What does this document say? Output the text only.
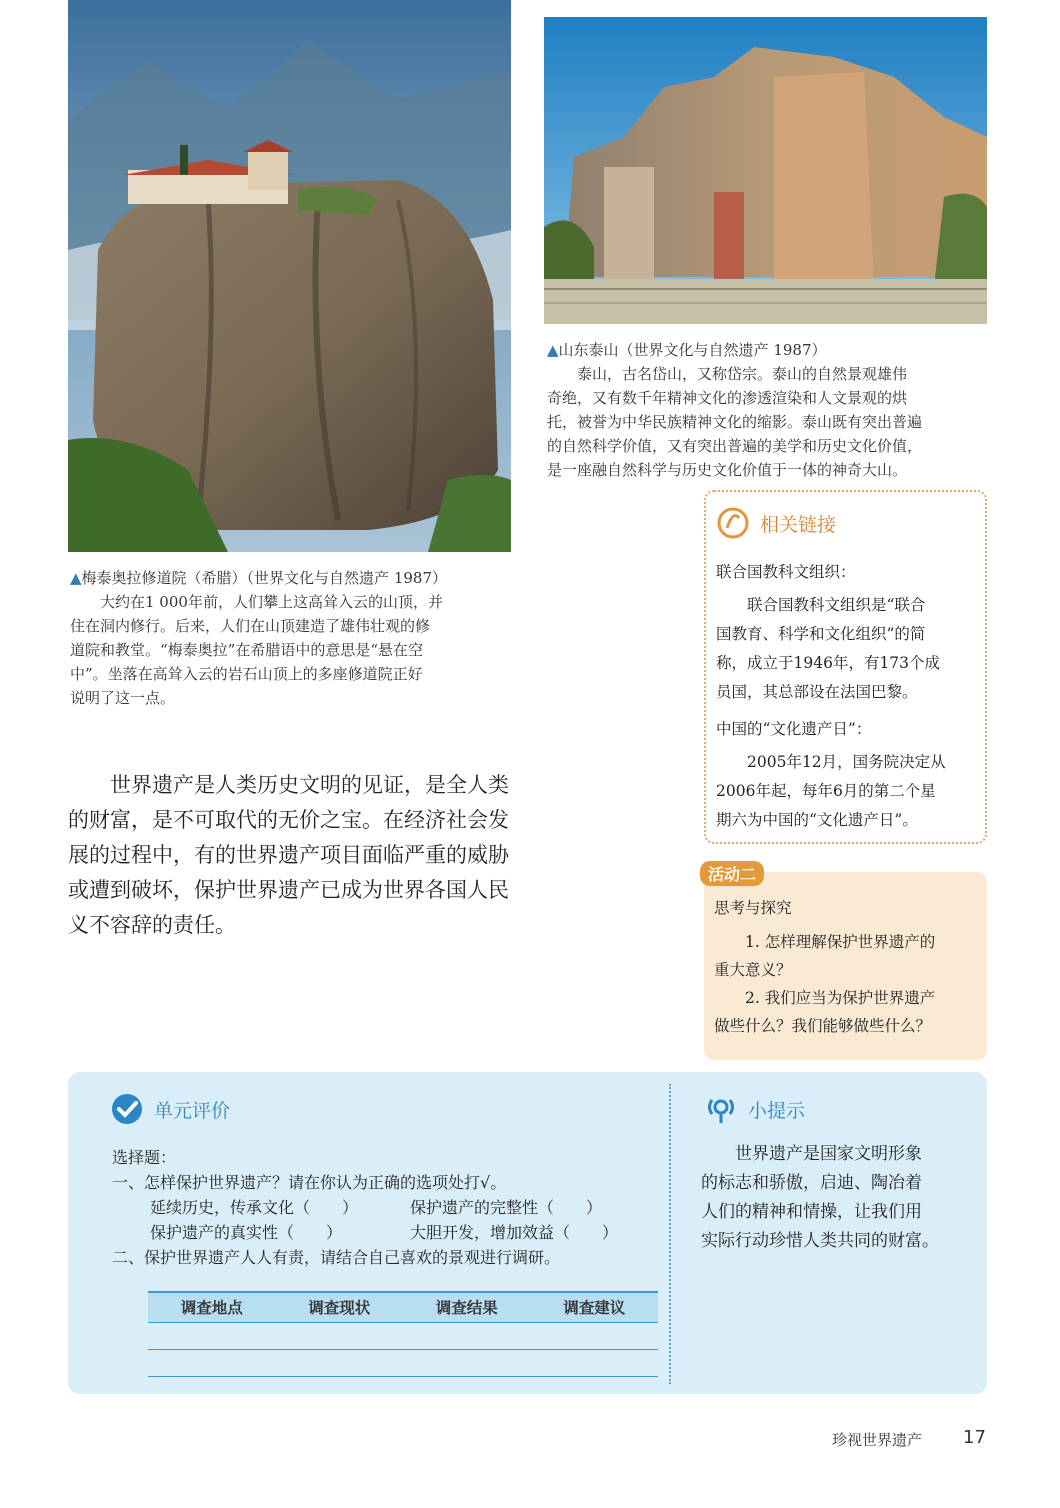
▲山东泰山（世界文化与自然遗产 1987）
泰山，古名岱山，又称岱宗。泰山的自然景观雄伟
奇绝，又有数千年精神文化的渗透渲染和人文景观的烘
托，被誉为中华民族精神文化的缩影。泰山既有突出普遍
的自然科学价值，又有突出普遍的美学和历史文化价值，
是一座融自然科学与历史文化价值于一体的神奇大山。
▲梅泰奥拉修道院（希腊）（世界文化与自然遗产 1987）
大约在1 000年前，人们攀上这高耸入云的山顶，并
住在洞内修行。后来，人们在山顶建造了雄伟壮观的修
道院和教堂。“梅泰奥拉”在希腊语中的意思是“悬在空
中”。坐落在高耸入云的岩石山顶上的多座修道院正好
说明了这一点。
世界遗产是人类历史文明的见证，是全人类
的财富，是不可取代的无价之宝。在经济社会发
展的过程中，有的世界遗产项目面临严重的威胁
或遭到破坏，保护世界遗产已成为世界各国人民
义不容辞的责任。
相关链接
联合国教科文组织：
联合国教科文组织是“联合
国教育、科学和文化组织”的简
称，成立于1946年，有173个成
员国，其总部设在法国巴黎。
中国的“文化遗产日”：
2005年12月，国务院决定从
2006年起，每年6月的第二个星
期六为中国的“文化遗产日”。
思考与探究
1. 怎样理解保护世界遗产的
重大意义？
2. 我们应当为保护世界遗产
做些什么？我们能够做些什么？
活动二
单元评价
选择题：
一、怎样保护世界遗产？请在你认为正确的选项处打√。
延续历史，传承文化（　　）	保护遗产的完整性（　　）
保护遗产的真实性（　　）	大胆开发，增加效益（　　）
二、保护世界遗产人人有责，请结合自己喜欢的景观进行调研。
调查地点	调查现状	调查结果	调查建议

小提示
世界遗产是国家文明形象
的标志和骄傲，启迪、陶冶着
人们的精神和情操，让我们用
实际行动珍惜人类共同的财富。
珍视世界遗产 17
